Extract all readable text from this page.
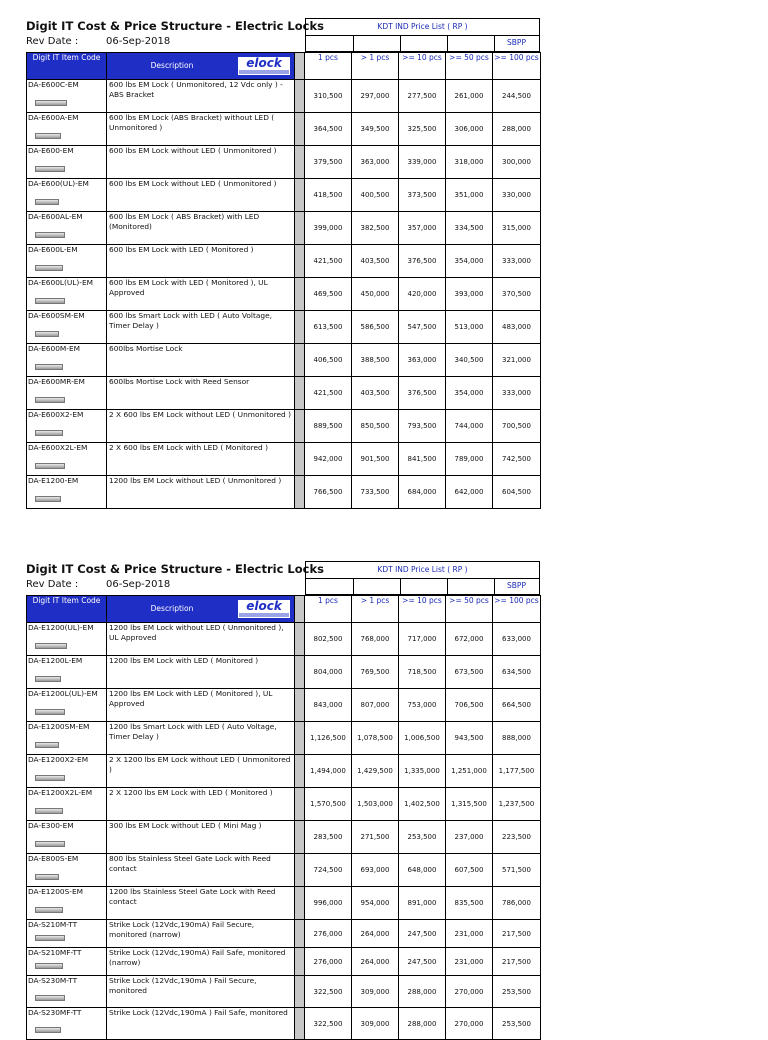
Digit IT Cost & Price Structure - Electric Locks
Rev Date :	06-Sep-2018
KDT IND Price List ( RP )
SBPP
Digit IT Item Code	Description elock		1 pcs	> 1 pcs	>= 10 pcs	>= 50 pcs	>= 100 pcs

DA-E600C-EM	600 lbs EM Lock ( Unmonitored, 12 Vdc only ) - ABS Bracket		310,500	297,000	277,500	261,000	244,500

DA-E600A-EM	600 lbs EM Lock (ABS Bracket) without LED ( Unmonitored )		364,500	349,500	325,500	306,000	288,000

DA-E600-EM	600 lbs EM Lock without LED ( Unmonitored )		379,500	363,000	339,000	318,000	300,000

DA-E600(UL)-EM	600 lbs EM Lock without LED ( Unmonitored )		418,500	400,500	373,500	351,000	330,000

DA-E600AL-EM	600 lbs EM Lock ( ABS Bracket) with LED (Monitored)		399,000	382,500	357,000	334,500	315,000

DA-E600L-EM	600 lbs EM Lock with LED ( Monitored )		421,500	403,500	376,500	354,000	333,000

DA-E600L(UL)-EM	600 lbs EM Lock with LED ( Monitored ), UL Approved		469,500	450,000	420,000	393,000	370,500

DA-E600SM-EM	600 lbs Smart Lock with LED ( Auto Voltage, Timer Delay )		613,500	586,500	547,500	513,000	483,000

DA-E600M-EM	600lbs Mortise Lock		406,500	388,500	363,000	340,500	321,000

DA-E600MR-EM	600lbs Mortise Lock with Reed Sensor		421,500	403,500	376,500	354,000	333,000

DA-E600X2-EM	2 X 600 lbs EM Lock without LED ( Unmonitored )		889,500	850,500	793,500	744,000	700,500

DA-E600X2L-EM	2 X 600 lbs EM Lock with LED ( Monitored )		942,000	901,500	841,500	789,000	742,500

DA-E1200-EM	1200 lbs EM Lock without LED ( Unmonitored )		766,500	733,500	684,000	642,000	604,500
Digit IT Cost & Price Structure - Electric Locks
Rev Date :	06-Sep-2018
KDT IND Price List ( RP )
SBPP
Digit IT Item Code	Description elock		1 pcs	> 1 pcs	>= 10 pcs	>= 50 pcs	>= 100 pcs

DA-E1200(UL)-EM	1200 lbs EM Lock without LED ( Unmonitored ), UL Approved		802,500	768,000	717,000	672,000	633,000

DA-E1200L-EM	1200 lbs EM Lock with LED ( Monitored )		804,000	769,500	718,500	673,500	634,500

DA-E1200L(UL)-EM	1200 lbs EM Lock with LED ( Monitored ), UL Approved		843,000	807,000	753,000	706,500	664,500

DA-E1200SM-EM	1200 lbs Smart Lock with LED ( Auto Voltage, Timer Delay )		1,126,500	1,078,500	1,006,500	943,500	888,000

DA-E1200X2-EM	2 X 1200 lbs EM Lock without LED ( Unmonitored )		1,494,000	1,429,500	1,335,000	1,251,000	1,177,500

DA-E1200X2L-EM	2 X 1200 lbs EM Lock with LED ( Monitored )		1,570,500	1,503,000	1,402,500	1,315,500	1,237,500

DA-E300-EM	300 lbs EM Lock without LED ( Mini Mag )		283,500	271,500	253,500	237,000	223,500

DA-E800S-EM	800 lbs Stainless Steel Gate Lock with Reed contact		724,500	693,000	648,000	607,500	571,500

DA-E1200S-EM	1200 lbs Stainless Steel Gate Lock with Reed contact		996,000	954,000	891,000	835,500	786,000

DA-S210M-TT	Strike Lock (12Vdc,190mA) Fail Secure, monitored (narrow)		276,000	264,000	247,500	231,000	217,500

DA-S210MF-TT	Strike Lock (12Vdc,190mA) Fail Safe, monitored (narrow)		276,000	264,000	247,500	231,000	217,500

DA-S230M-TT	Strike Lock (12Vdc,190mA ) Fail Secure, monitored		322,500	309,000	288,000	270,000	253,500

DA-S230MF-TT	Strike Lock (12Vdc,190mA ) Fail Safe, monitored		322,500	309,000	288,000	270,000	253,500
